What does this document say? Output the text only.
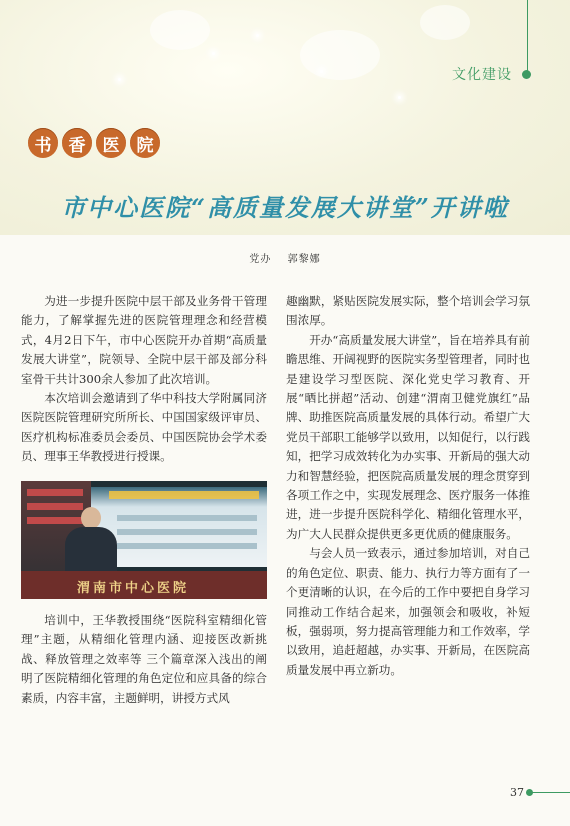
文化建设
书	香	医	院
市中心医院“高质量发展大讲堂”开讲啦
党办 郭黎娜

为进一步提升医院中层干部及业务骨干管理能力，了解掌握先进的医院管理理念和经营模式，4月2日下午，市中心医院开办首期“高质量发展大讲堂”，院领导、全院中层干部及部分科室骨干共计300余人参加了此次培训。

本次培训会邀请到了华中科技大学附属同济医院医院管理研究所所长、中国国家级评审员、医疗机构标准委员会委员、中国医院协会学术委员、理事王华教授进行授课。

渭南市中心医院

培训中，王华教授围绕“医院科室精细化管理”主题，从精细化管理内涵、迎接医改新挑战、释放管理之效率等 三个篇章深入浅出的阐明了医院精细化管理的角色定位和应具备的综合素质，内容丰富，主题鲜明，讲授方式风

趣幽默，紧贴医院发展实际，整个培训会学习氛围浓厚。

开办“高质量发展大讲堂”，旨在培养具有前瞻思维、开阔视野的医院实务型管理者，同时也是建设学习型医院、深化党史学习教育、开展“晒比拼超”活动、创建“渭南卫健党旗红”品牌、助推医院高质量发展的具体行动。希望广大党员干部职工能够学以致用，以知促行，以行践知，把学习成效转化为办实事、开新局的强大动力和智慧经验，把医院高质量发展的理念贯穿到各项工作之中，实现发展理念、医疗服务一体推进，进一步提升医院科学化、精细化管理水平，为广大人民群众提供更多更优质的健康服务。

与会人员一致表示，通过参加培训，对自己的角色定位、职责、能力、执行力等方面有了一个更清晰的认识，在今后的工作中要把自身学习同推动工作结合起来，加强领会和吸收，补短板，强弱项，努力提高管理能力和工作效率，学以致用，追赶超越，办实事、开新局，在医院高质量发展中再立新功。

37
